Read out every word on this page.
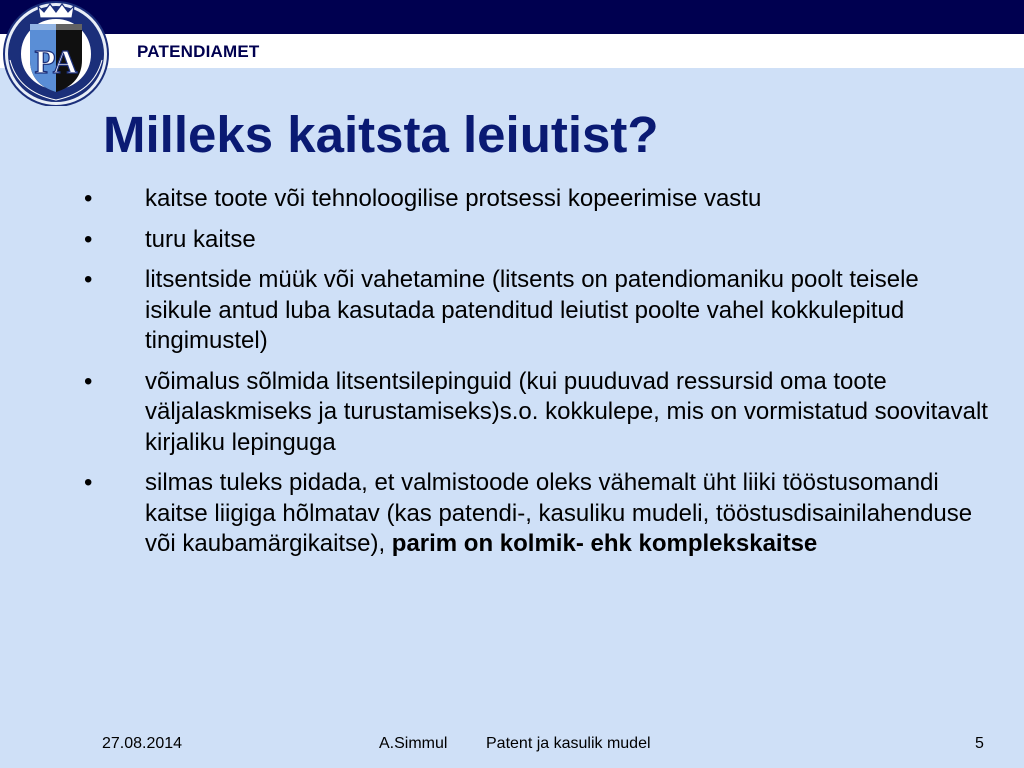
PATENDIAMET
PA
Milleks kaitsta leiutist?
• kaitse toote või tehnoloogilise protsessi kopeerimise vastu
• turu kaitse
• litsentside müük või vahetamine (litsents on patendiomaniku poolt teisele isikule antud luba kasutada patenditud leiutist poolte vahel kokkulepitud tingimustel)
• võimalus sõlmida litsentsilepinguid (kui puuduvad ressursid oma toote väljalaskmiseks ja turustamiseks)s.o. kokkulepe, mis on vormistatud soovitavalt kirjaliku lepinguga
• silmas tuleks pidada, et valmistoode oleks vähemalt üht liiki tööstusomandi kaitse liigiga hõlmatav (kas patendi-, kasuliku mudeli, tööstusdisainilahenduse või kaubamärgikaitse), parim on kolmik- ehk komplekskaitse
27.08.2014	A.Simmul Patent ja kasulik mudel	5
